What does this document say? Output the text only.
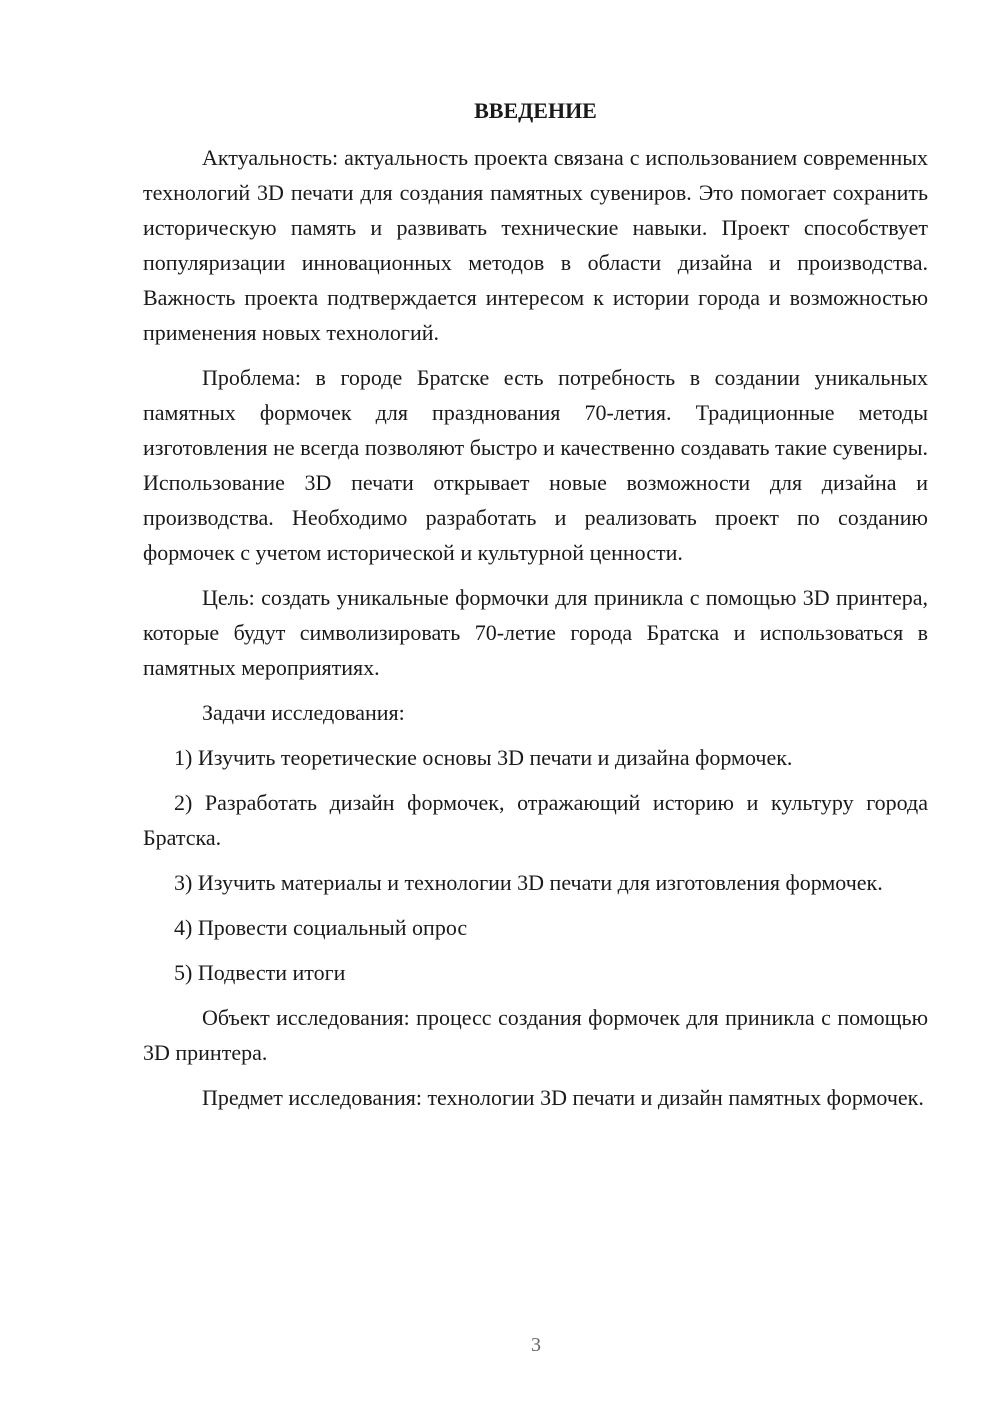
ВВЕДЕНИЕ

Актуальность: актуальность проекта связана с использованием современных технологий 3D печати для создания памятных сувениров. Это помогает сохранить историческую память и развивать технические навыки. Проект способствует популяризации инновационных методов в области дизайна и производства. Важность проекта подтверждается интересом к истории города и возможностью применения новых технологий.

Проблема: в городе Братске есть потребность в создании уникальных памятных формочек для празднования 70-летия. Традиционные методы изготовления не всегда позволяют быстро и качественно создавать такие сувениры. Использование 3D печати открывает новые возможности для дизайна и производства. Необходимо разработать и реализовать проект по созданию формочек с учетом исторической и культурной ценности.

Цель: создать уникальные формочки для приникла с помощью 3D принтера, которые будут символизировать 70-летие города Братска и использоваться в памятных мероприятиях.

Задачи исследования:

1) Изучить теоретические основы 3D печати и дизайна формочек.

2) Разработать дизайн формочек, отражающий историю и культуру города Братска.

3) Изучить материалы и технологии 3D печати для изготовления формочек.

4) Провести социальный опрос

5) Подвести итоги

Объект исследования: процесс создания формочек для приникла с помощью 3D принтера.

Предмет исследования: технологии 3D печати и дизайн памятных формочек.

3
